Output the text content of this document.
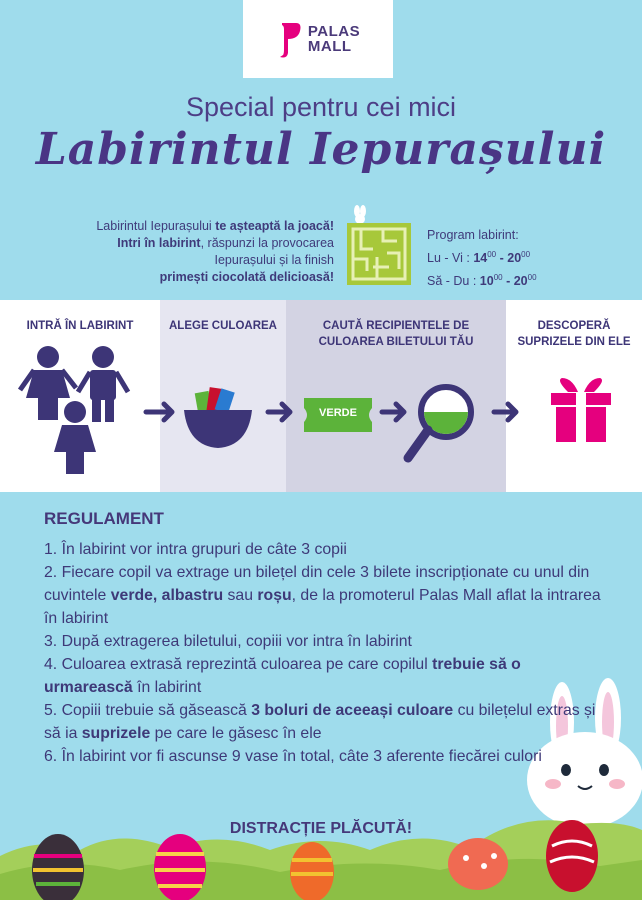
PALAS
MALL
Special pentru cei mici
Labirintul Iepurașului
Labirintul Iepurașului te așteaptă la joacă!
Intri în labirint, răspunzi la provocarea
Iepurașului și la finish
primești ciocolată delicioasă!
Program labirint:
Lu - Vi : $14^{00} - 20^{00}$
Să - Du : $10^{00} - 20^{00}$
INTRĂ ÎN LABIRINT	ALEGE CULOAREA	CAUTĂ RECIPIENTELE DE
CULOAREA BILETULUI TĂU
DESCOPERĂ
SUPRIZELE DIN ELE
VERDE
REGULAMENT
1. În labirint vor intra grupuri de câte 3 copii
2. Fiecare copil va extrage un bilețel din cele 3 bilete inscripționate cu unul din cuvintele verde, albastru sau roșu, de la promoterul Palas Mall aflat la intrarea în labirint
3. După extragerea biletului, copiii vor intra în labirint
4. Culoarea extrasă reprezintă culoarea pe care copilul trebuie să o urmarească în labirint
5. Copiii trebuie să găsească 3 boluri de aceeași culoare cu bilețelul extras și să ia suprizele pe care le găsesc în ele
6. În labirint vor fi ascunse 9 vase în total, câte 3 aferente fiecărei culori
DISTRACȚIE PLĂCUTĂ!
